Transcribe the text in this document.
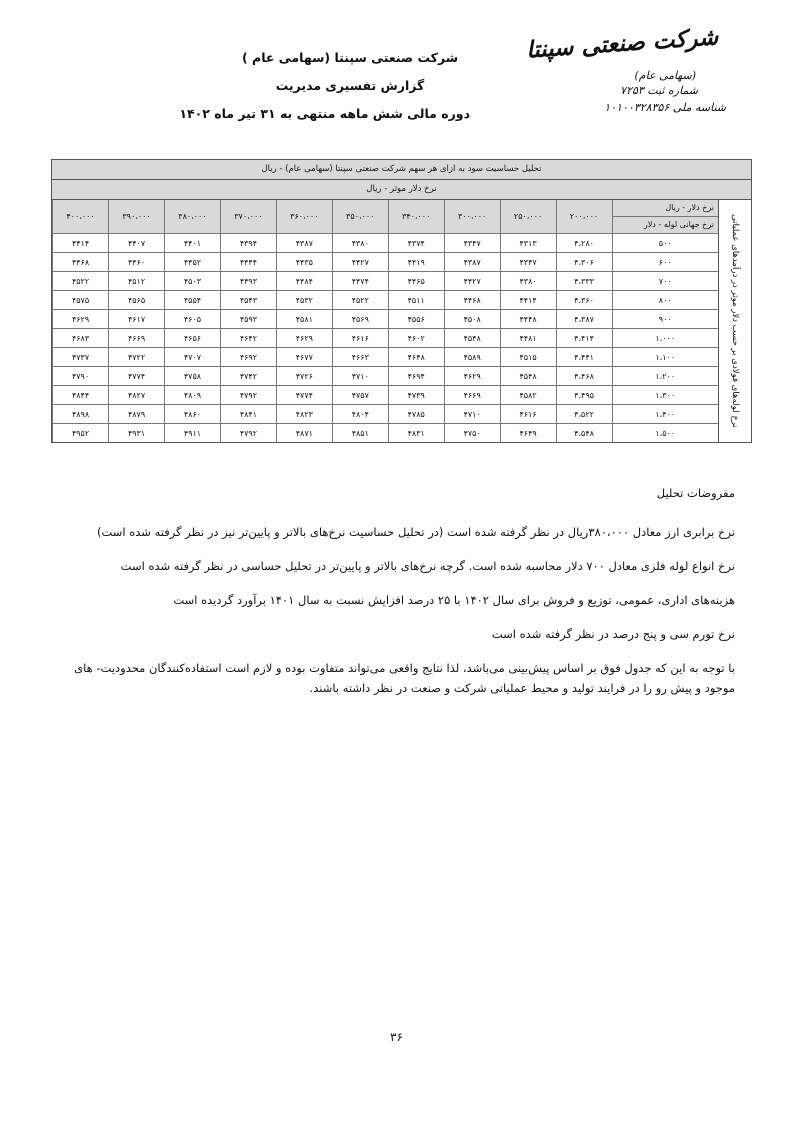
شرکت صنعتی سپنتا (سهامی عام )
گزارش تفسیری مدیریت
دوره مالی شش ماهه منتهی به ۳۱ تیر ماه ۱۴۰۲
شرکت صنعتی سپنتا
(سهامی عام)
شماره ثبت ۷۲۵۳
شناسه ملی ۱۰۱۰۰۳۲۸۳۵۶
تحلیل حساسیت سود به ازای هر سهم شرکت صنعتی سپنتا (سهامی عام) - ریال
نرخ دلار موثر - ریال
نرخ لوله‌های فولادی بر حسب دلار موثر در درآمدهای عملیاتی
نرخ دلار - ریال
نرخ جهانی لوله - دلار	۲۰۰،۰۰۰	۲۵۰،۰۰۰	۳۰۰،۰۰۰	۳۴۰،۰۰۰	۳۵۰،۰۰۰	۳۶۰،۰۰۰	۳۷۰،۰۰۰	۳۸۰،۰۰۰	۳۹۰،۰۰۰	۴۰۰،۰۰۰
۵۰۰	۴،۲۸۰	۴۳۱۳	۴۳۴۷	۴۳۷۴	۴۳۸۰	۴۳۸۷	۴۳۹۴	۴۴۰۱	۴۴۰۷	۴۴۱۴
۶۰۰	۴،۳۰۶	۴۳۴۷	۴۳۸۷	۴۴۱۹	۴۴۲۷	۴۴۳۵	۴۴۴۴	۴۴۵۲	۴۴۶۰	۴۴۶۸
۷۰۰	۴،۳۳۳	۴۳۸۰	۴۴۲۷	۴۴۶۵	۴۴۷۴	۴۴۸۴	۴۴۹۳	۴۵۰۳	۴۵۱۲	۴۵۲۲
۸۰۰	۴،۳۶۰	۴۴۱۴	۴۴۶۸	۴۵۱۱	۴۵۲۲	۴۵۳۲	۴۵۴۳	۴۵۵۴	۴۵۶۵	۴۵۷۵
۹۰۰	۴،۳۸۷	۴۴۴۸	۴۵۰۸	۴۵۵۶	۴۵۶۹	۴۵۸۱	۴۵۹۳	۴۶۰۵	۴۶۱۷	۴۶۲۹
۱،۰۰۰	۴،۴۱۴	۴۴۸۱	۴۵۴۸	۴۶۰۲	۴۶۱۶	۴۶۲۹	۴۶۴۲	۴۶۵۶	۴۶۶۹	۴۶۸۳
۱،۱۰۰	۴،۴۴۱	۴۵۱۵	۴۵۸۹	۴۶۴۸	۴۶۶۳	۴۶۷۷	۴۶۹۲	۴۷۰۷	۴۷۲۲	۴۷۳۷
۱،۲۰۰	۴،۴۶۸	۴۵۴۸	۴۶۲۹	۴۶۹۴	۴۷۱۰	۴۷۲۶	۴۷۴۲	۴۷۵۸	۴۷۷۴	۴۷۹۰
۱،۳۰۰	۴،۴۹۵	۴۵۸۲	۴۶۶۹	۴۷۳۹	۴۷۵۷	۴۷۷۴	۴۷۹۲	۴۸۰۹	۴۸۲۷	۴۸۴۴
۱،۴۰۰	۴،۵۲۲	۴۶۱۶	۴۷۱۰	۴۷۸۵	۴۸۰۴	۴۸۲۳	۴۸۴۱	۴۸۶۰	۴۸۷۹	۴۸۹۸
۱،۵۰۰	۴،۵۴۸	۴۶۴۹	۴۷۵۰	۴۸۳۱	۴۸۵۱	۴۸۷۱	۴۷۹۲	۴۹۱۱	۴۹۳۱	۴۹۵۲
مفروضات تحلیل
نرخ برابری ارز معادل ۳۸۰،۰۰۰ریال در نظر گرفته شده است (در تحلیل حساسیت نرخ‌های بالاتر و پایین‌تر نیز در نظر گرفته شده است)
نرخ انواع لوله فلزی معادل ۷۰۰ دلار محاسبه شده است. گرچه نرخ‌های بالاتر و پایین‌تر در تحلیل حساسی در نظر گرفته شده است
هزینه‌های اداری، عمومی، توزیع و فروش برای سال ۱۴۰۲ با ۲۵ درصد افزایش نسبت به سال ۱۴۰۱ برآورد گردیده است
نرخ تورم سی و پنج درصد در نظر گرفته شده است
با توجه به این که جدول فوق بر اساس پیش‌بینی می‌باشد، لذا نتایج واقعی می‌تواند متفاوت بوده و لازم است استفاده‌کنندگان محدودیت‌- های موجود و پیش رو را در فرایند تولید و محیط عملیاتی شرکت و صنعت در نظر داشته باشند.
۳۶
